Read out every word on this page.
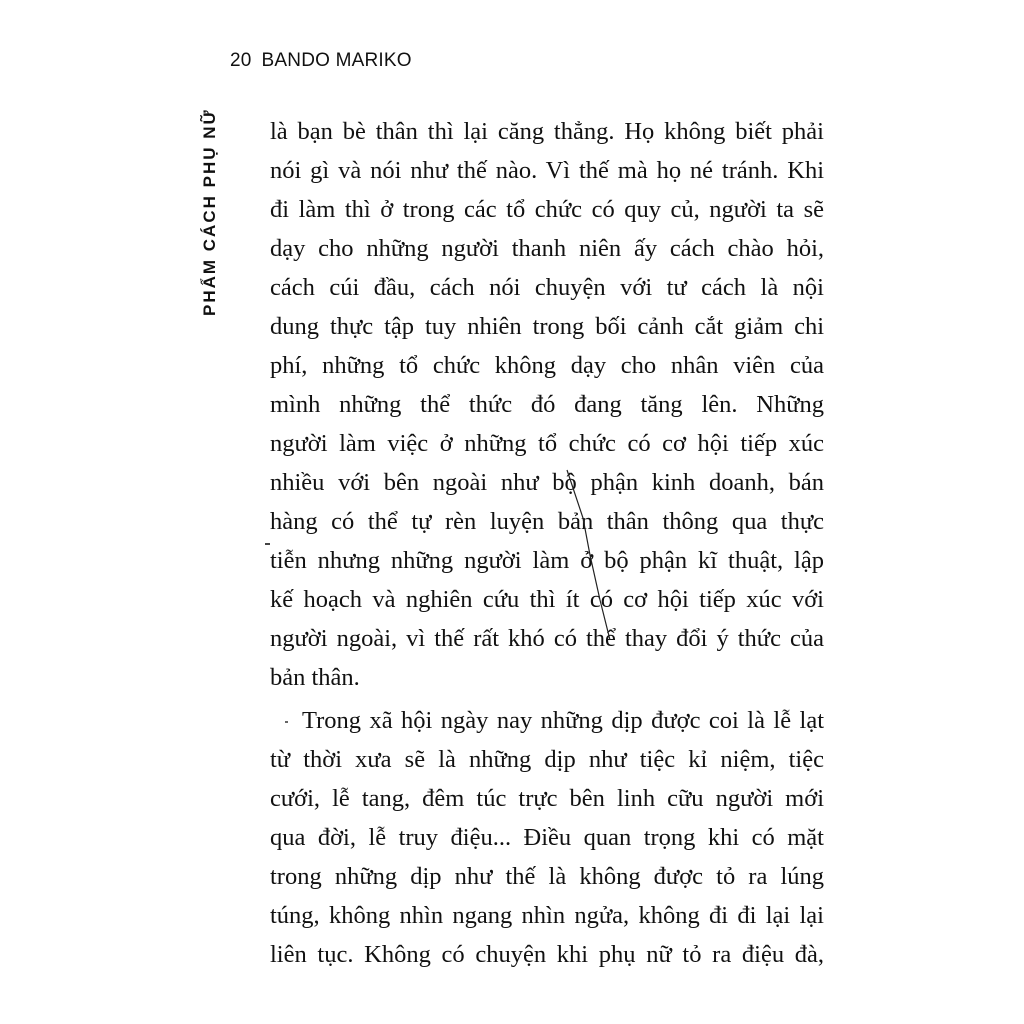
20 BANDO MARIKO
PHẨM CÁCH PHỤ NỮ là bạn bè thân thì lại căng thẳng. Họ không biết phải
nói gì và nói như thế nào. Vì thế mà họ né tránh. Khi
đi làm thì ở trong các tổ chức có quy củ, người ta sẽ
dạy cho những người thanh niên ấy cách chào hỏi,
cách cúi đầu, cách nói chuyện với tư cách là nội
dung thực tập tuy nhiên trong bối cảnh cắt giảm chi
phí, những tổ chức không dạy cho nhân viên của
mình những thể thức đó đang tăng lên. Những
người làm việc ở những tổ chức có cơ hội tiếp xúc
nhiều với bên ngoài như bộ phận kinh doanh, bán
hàng có thể tự rèn luyện bản thân thông qua thực
tiễn nhưng những người làm ở bộ phận kĩ thuật, lập
kế hoạch và nghiên cứu thì ít có cơ hội tiếp xúc với
người ngoài, vì thế rất khó có thể thay đổi ý thức của
bản thân.
Trong xã hội ngày nay những dịp được coi là lễ lạt
từ thời xưa sẽ là những dịp như tiệc kỉ niệm, tiệc
cưới, lễ tang, đêm túc trực bên linh cữu người mới
qua đời, lễ truy điệu... Điều quan trọng khi có mặt
trong những dịp như thế là không được tỏ ra lúng
túng, không nhìn ngang nhìn ngửa, không đi đi lại lại
liên tục. Không có chuyện khi phụ nữ tỏ ra điệu đà,
